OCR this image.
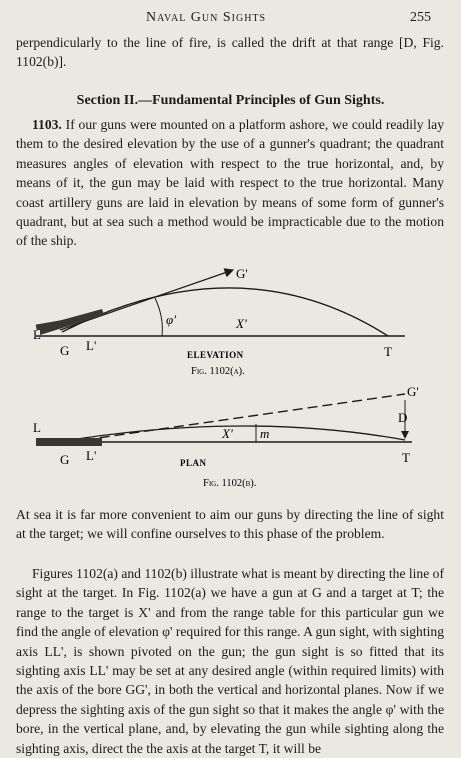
Naval Gun Sights	255

perpendicularly to the line of fire, is called the drift at that range [D, Fig. 1102(b)].

Section II.—Fundamental Principles of Gun Sights.

1103. If our guns were mounted on a platform ashore, we could readily lay them to the desired elevation by the use of a gunner's quadrant; the quadrant measures angles of elevation with respect to the true horizontal, and, by means of it, the gun may be laid with respect to the true horizontal. Many coast artillery guns are laid in elevation by means of some form of gunner's quadrant, but at sea such a method would be impracticable due to the motion of the ship.

G'
φ'	X'
L
G L'	T
ELEVATION
Fig. 1102(a).
G'
D
m
X'
L
G L'	T
PLAN
Fig. 1102(b).

At sea it is far more convenient to aim our guns by directing the line of sight at the target; we will confine ourselves to this phase of the problem.

Figures 1102(a) and 1102(b) illustrate what is meant by directing the line of sight at the target. In Fig. 1102(a) we have a gun at G and a target at T; the range to the target is X' and from the range table for this particular gun we find the angle of elevation φ' required for this range. A gun sight, with sighting axis LL', is shown pivoted on the gun; the gun sight is so fitted that its sighting axis LL' may be set at any desired angle (within required limits) with the axis of the bore GG', in both the vertical and horizontal planes. Now if we depress the sighting axis of the gun sight so that it makes the angle φ' with the bore, in the vertical plane, and, by elevating the gun while sighting along the sighting axis, direct the the axis at the target T, it will be
